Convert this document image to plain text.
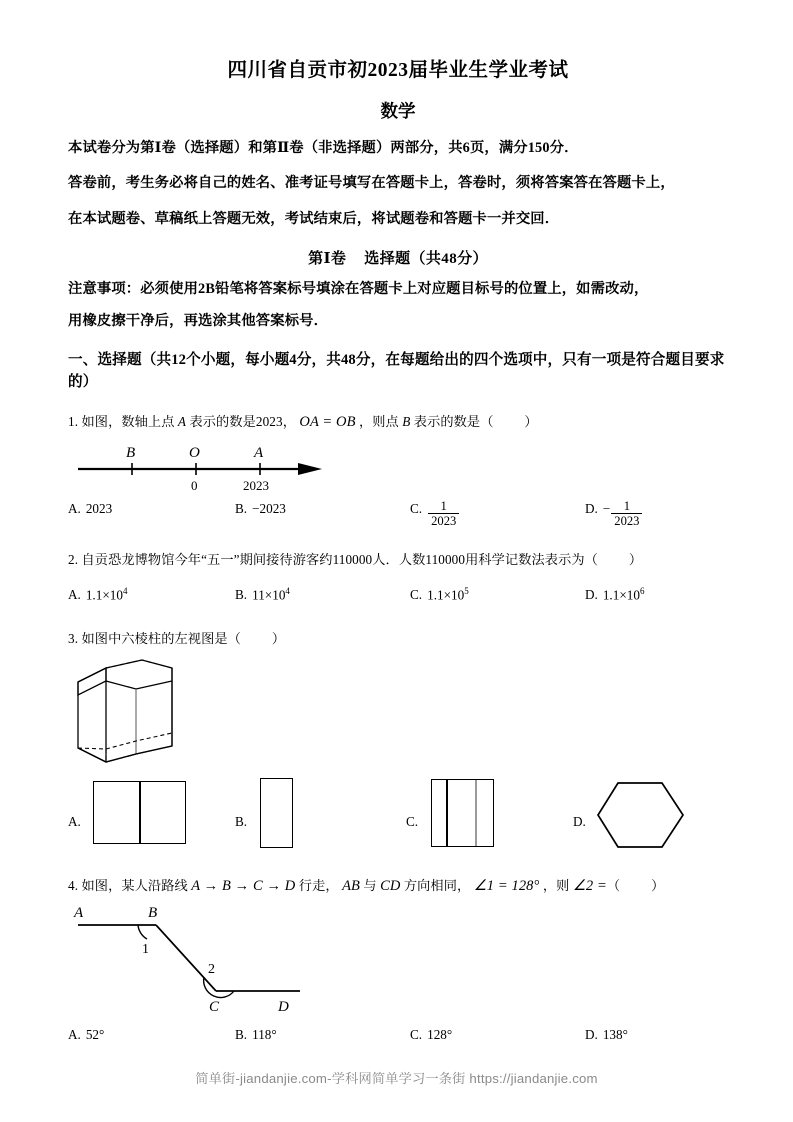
四川省自贡市初2023届毕业生学业考试
数学
本试卷分为第Ⅰ卷（选择题）和第Ⅱ卷（非选择题）两部分，共6页，满分150分．
答卷前，考生务必将自己的姓名、准考证号填写在答题卡上，答卷时，须将答案答在答题卡上，
在本试题卷、草稿纸上答题无效，考试结束后，将试题卷和答题卡一并交回．
第Ⅰ卷 选择题（共48分）
注意事项：必须使用2B铅笔将答案标号填涂在答题卡上对应题目标号的位置上，如需改动，
用橡皮擦干净后，再选涂其他答案标号．
一、选择题（共12个小题，每小题4分，共48分，在每题给出的四个选项中，只有一项是符合题目要求的）
1. 如图，数轴上点 A 表示的数是2023， OA = OB ，则点 B 表示的数是（ ）
B	O	A
0	2023
A. 2023	B. −2023	C. $\frac{1}{2023}$	D. − $\frac{1}{2023}$
2. 自贡恐龙博物馆今年“五一”期间接待游客约110000人．人数110000用科学记数法表示为（ ）
A. $1.1\times 10^4$	B. $11\times 10^4$	C. $1.1\times 10^5$	D. $1.1\times 10^6$
3. 如图中六棱柱的左视图是（ ）
A.	B.	C.	D.
4. 如图，某人沿路线 A → B → C → D 行走， AB 与 CD 方向相同， ∠1 = 128° ，则 ∠2 =（ ）
A	B
C	D
1
2
A. 52°	B. 118°	C. 128°	D. 138°
简单街-jiandanjie.com-学科网简单学习一条街 https://jiandanjie.com
